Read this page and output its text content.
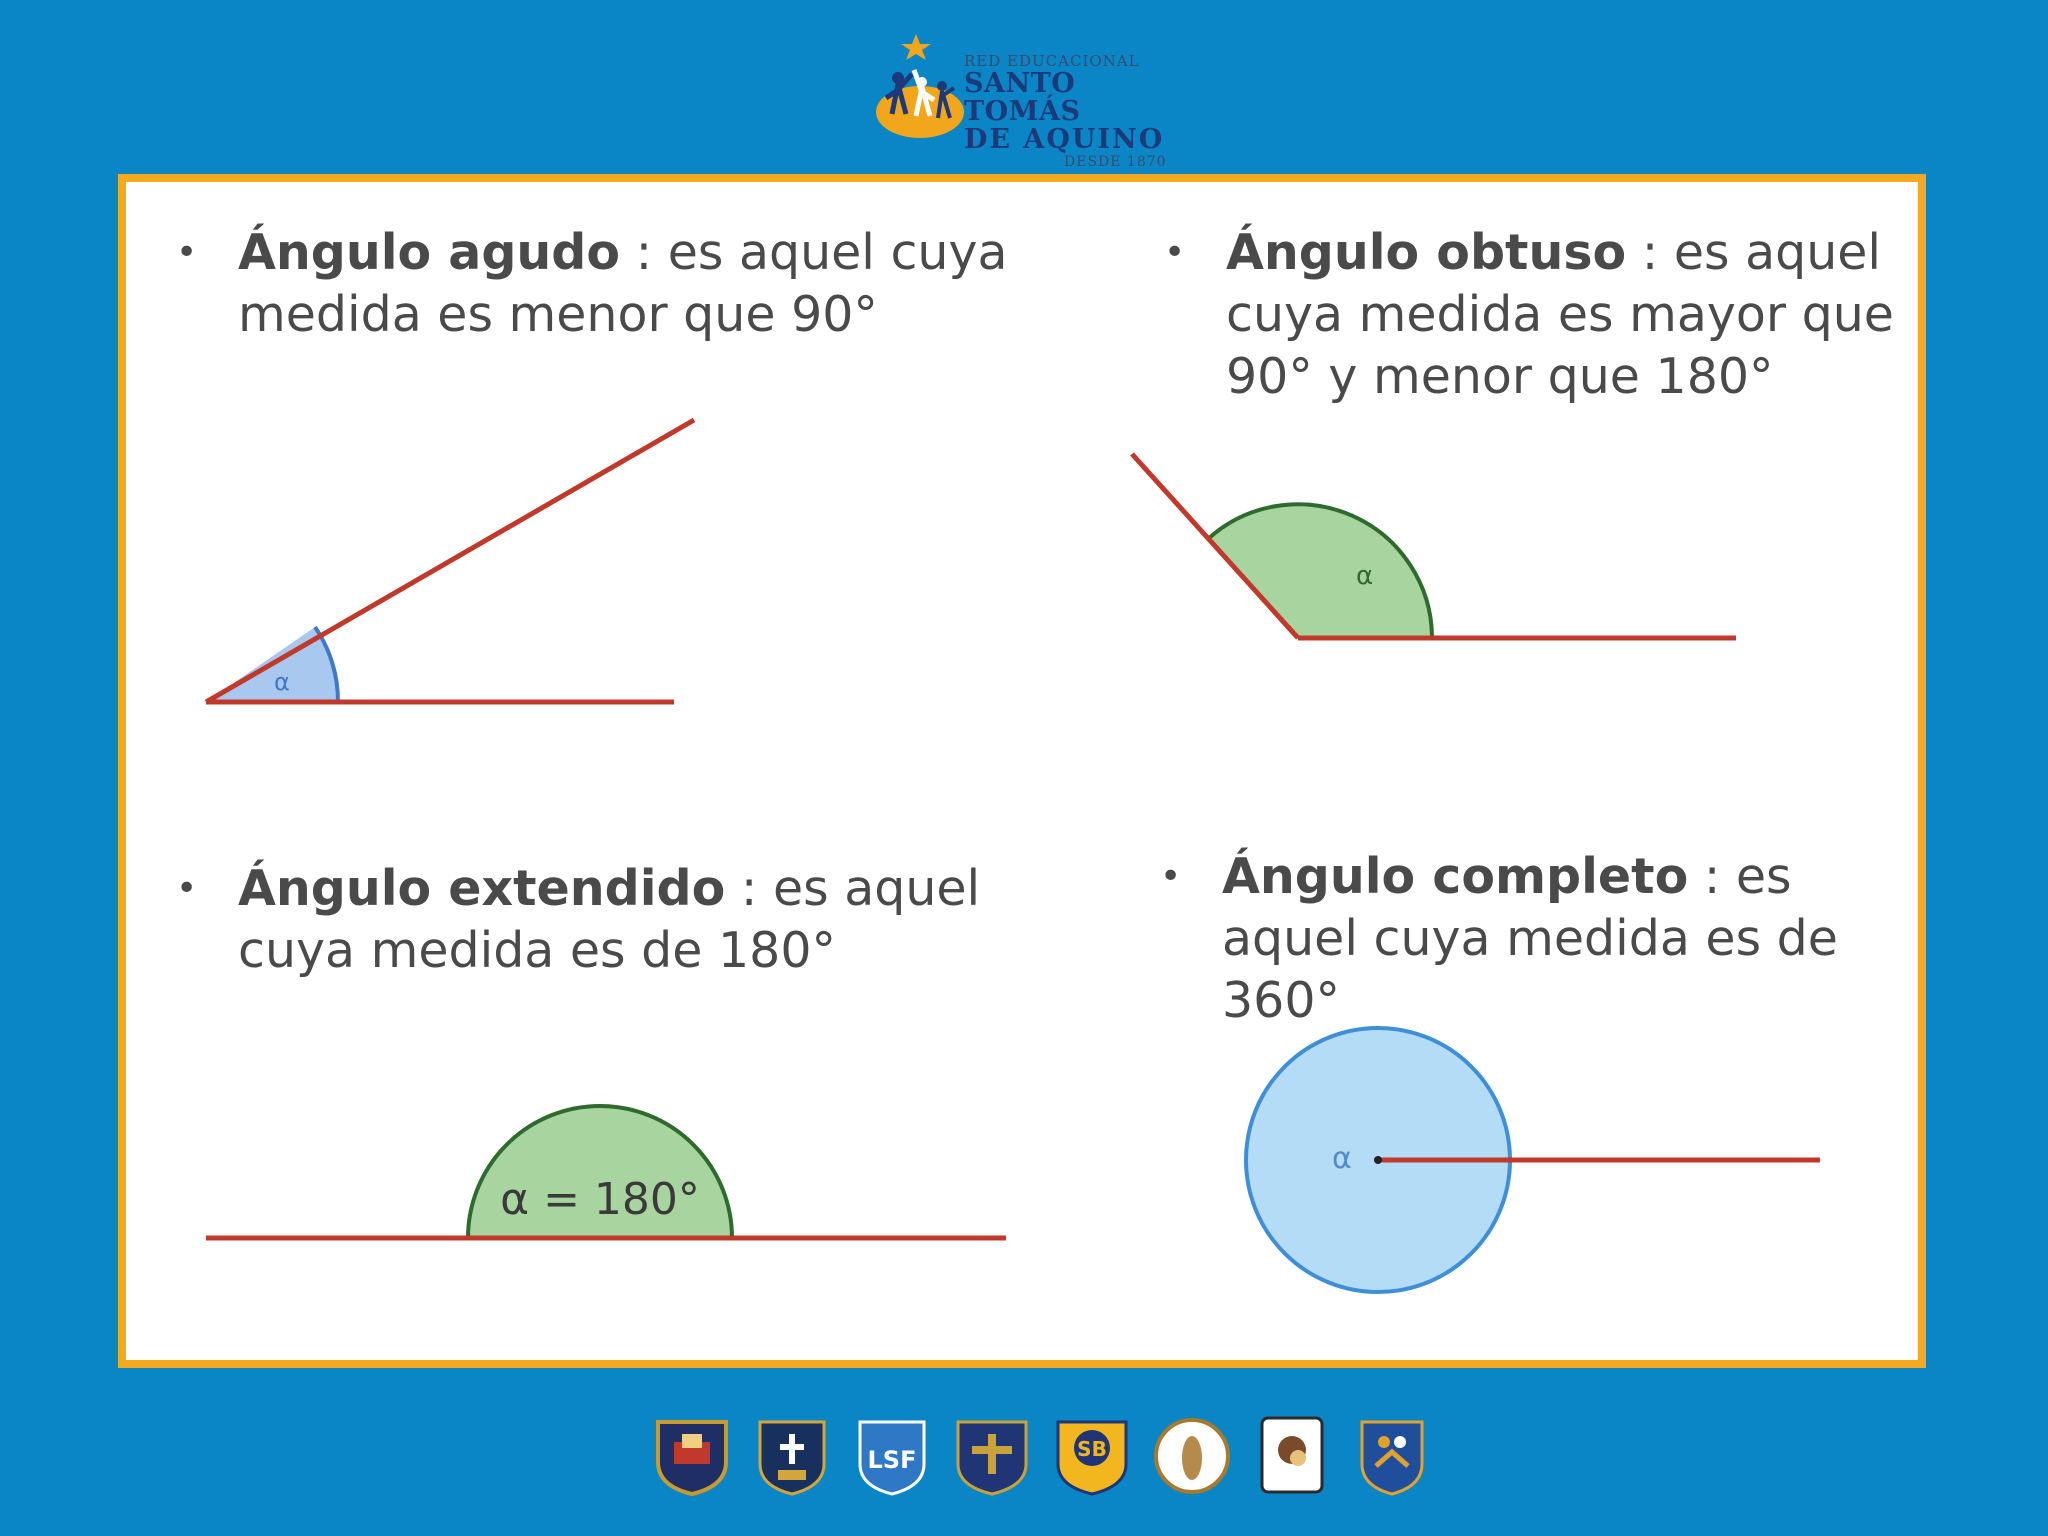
RED EDUCACIONAL
SANTO TOMÁS
DE AQUINO
DESDE 1870
• Ángulo agudo : es aquel cuya medida es menor que 90°
• Ángulo obtuso : es aquel cuya medida es mayor que 90° y menor que 180°
• Ángulo extendido : es aquel cuya medida es de 180°
• Ángulo completo : es aquel cuya medida es de 360°
α
α
α = 180°
α
LSF	SB
